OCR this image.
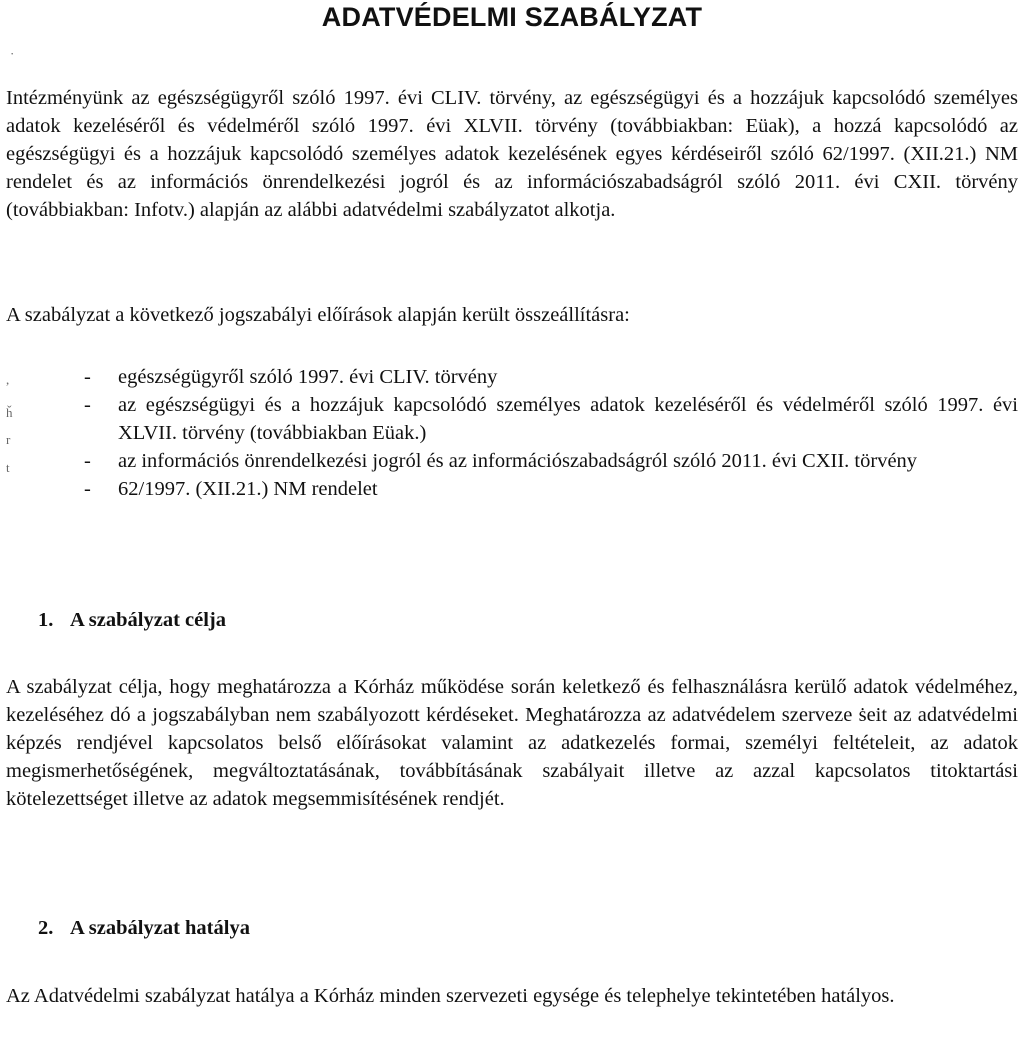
ADATVÉDELMI SZABÁLYZAT
·
Intézményünk az egészségügyről szóló 1997. évi CLIV. törvény, az egészségügyi és a hozzájuk kapcsolódó személyes adatok kezeléséről és védelméről szóló 1997. évi XLVII. törvény (továbbiakban: Eüak), a hozzá kapcsolódó az egészségügyi és a hozzájuk kapcsolódó személyes adatok kezelésének egyes kérdéseiről szóló 62/1997. (XII.21.) NM rendelet és az információs önrendelkezési jogról és az információszabadságról szóló 2011. évi CXII. törvény (továbbiakban: Infotv.) alapján az alábbi adatvédelmi szabályzatot alkotja.
A szabályzat a következő jogszabályi előírások alapján került összeállításra:
- egészségügyről szóló 1997. évi CLIV. törvény
- az egészségügyi és a hozzájuk kapcsolódó személyes adatok kezeléséről és védelméről szóló 1997. évi XLVII. törvény (továbbiakban Eüak.)
- az információs önrendelkezési jogról és az információszabadságról szóló 2011. évi CXII. törvény
- 62/1997. (XII.21.) NM rendelet
,
ȟ
r
t
1. A szabályzat célja
A szabályzat célja, hogy meghatározza a Kórház működése során keletkező és felhasználásra kerülő adatok védelméhez, kezeléséhez dó a jogszabályban nem szabályozott kérdéseket. Meghatározza az adatvédelem szerveze ṡeit az adatvédelmi képzés rendjével kapcsolatos belső előírásokat valamint az adatkezelés formai, személyi feltételeit, az adatok megismerhetőségének, megváltoztatásának, továbbításának szabályait illetve az azzal kapcsolatos titoktartási kötelezettséget illetve az adatok megsemmisítésének rendjét.
2. A szabályzat hatálya
Az Adatvédelmi szabályzat hatálya a Kórház minden szervezeti egysége és telephelye tekintetében hatályos.
